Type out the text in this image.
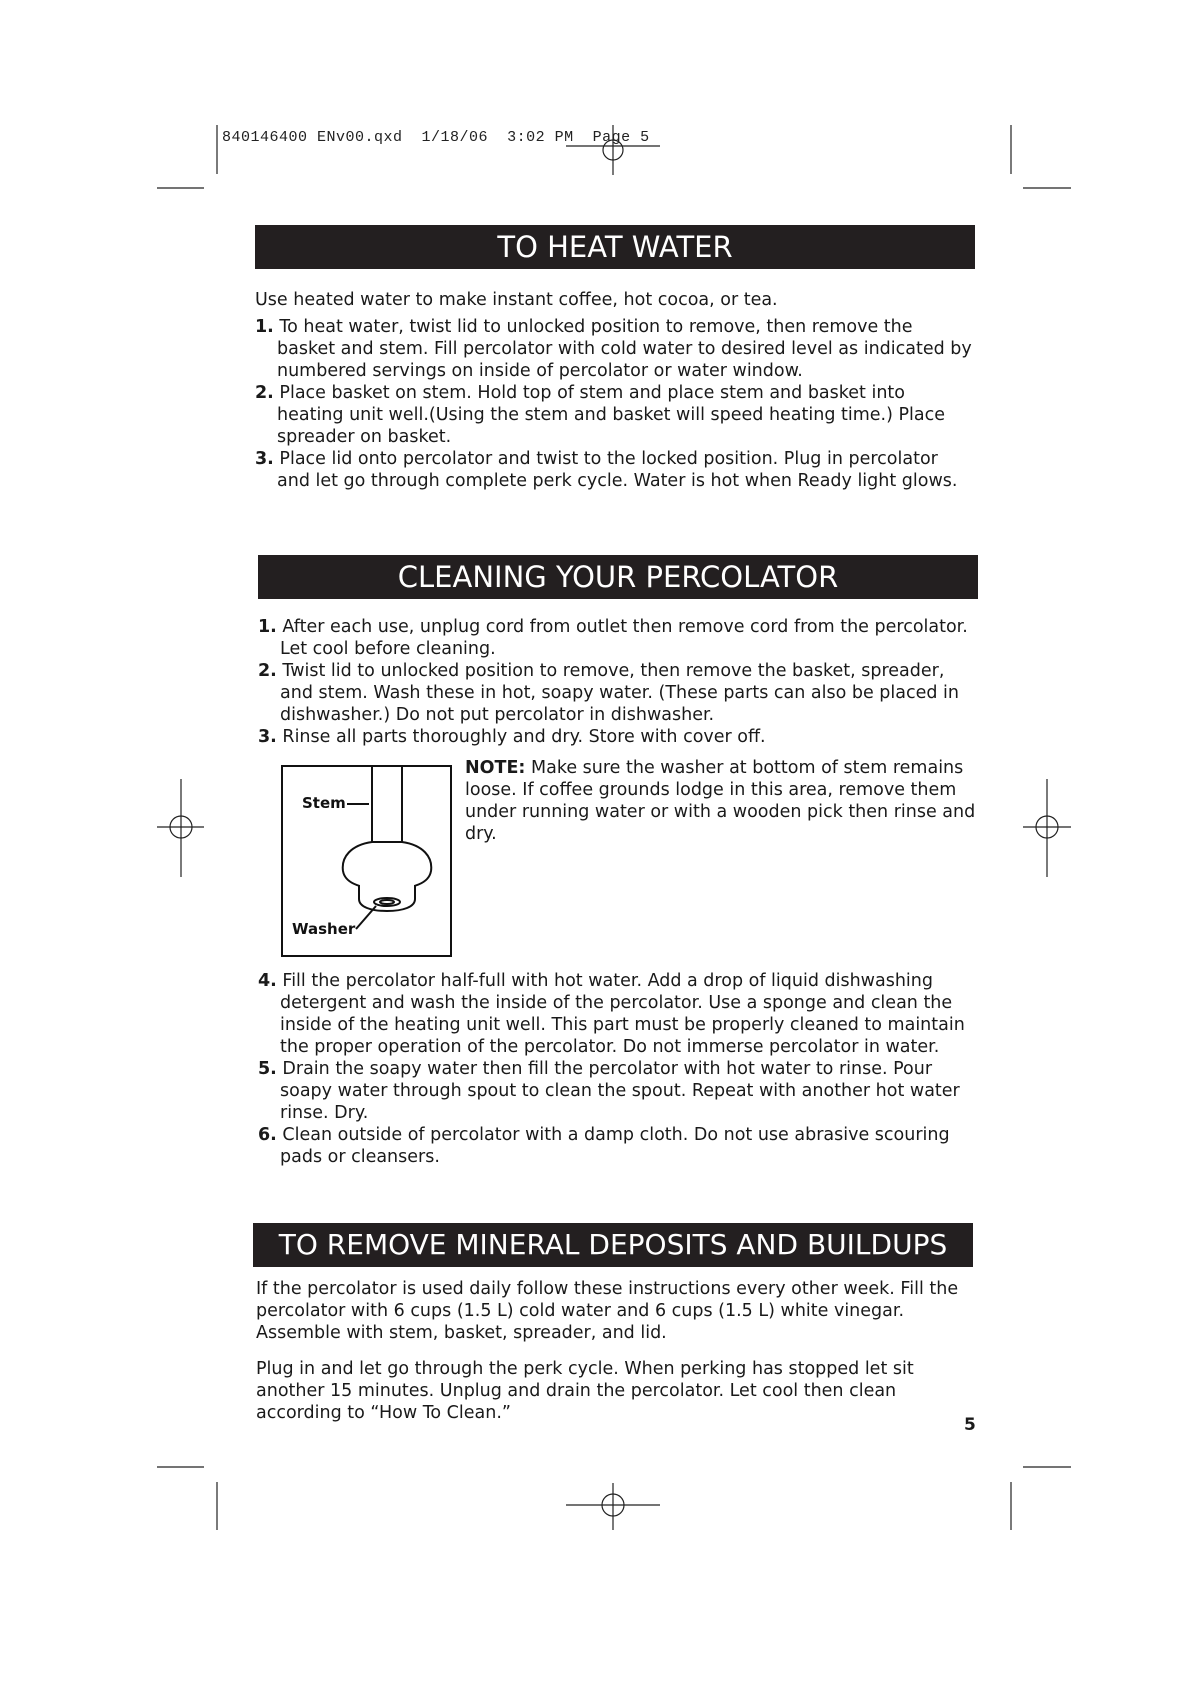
840146400 ENv00.qxd 1/18/06 3:02 PM Page 5
TO HEAT WATER

Use heated water to make instant coffee, hot cocoa, or tea.

1. To heat water, twist lid to unlocked position to remove, then remove the basket and stem. Fill percolator with cold water to desired level as indicated by numbered servings on inside of percolator or water window.

2. Place basket on stem. Hold top of stem and place stem and basket into heating unit well.(Using the stem and basket will speed heating time.) Place spreader on basket.

3. Place lid onto percolator and twist to the locked position. Plug in percolator and let go through complete perk cycle. Water is hot when Ready light glows.

CLEANING YOUR PERCOLATOR

1. After each use, unplug cord from outlet then remove cord from the percolator. Let cool before cleaning.

2. Twist lid to unlocked position to remove, then remove the basket, spreader, and stem. Wash these in hot, soapy water. (These parts can also be placed in dishwasher.) Do not put percolator in dishwasher.

3. Rinse all parts thoroughly and dry. Store with cover off.

Stem
Washer
NOTE: Make sure the washer at bottom of stem remains loose. If coffee grounds lodge in this area, remove them under running water or with a wooden pick then rinse and dry.

4. Fill the percolator half-full with hot water. Add a drop of liquid dishwashing detergent and wash the inside of the percolator. Use a sponge and clean the inside of the heating unit well. This part must be properly cleaned to maintain the proper operation of the percolator. Do not immerse percolator in water.

5. Drain the soapy water then fill the percolator with hot water to rinse. Pour soapy water through spout to clean the spout. Repeat with another hot water rinse. Dry.

6. Clean outside of percolator with a damp cloth. Do not use abrasive scouring pads or cleansers.

TO REMOVE MINERAL DEPOSITS AND BUILDUPS

If the percolator is used daily follow these instructions every other week. Fill the percolator with 6 cups (1.5 L) cold water and 6 cups (1.5 L) white vinegar. Assemble with stem, basket, spreader, and lid.

Plug in and let go through the perk cycle. When perking has stopped let sit another 15 minutes. Unplug and drain the percolator. Let cool then clean according to “How To Clean.”

5
